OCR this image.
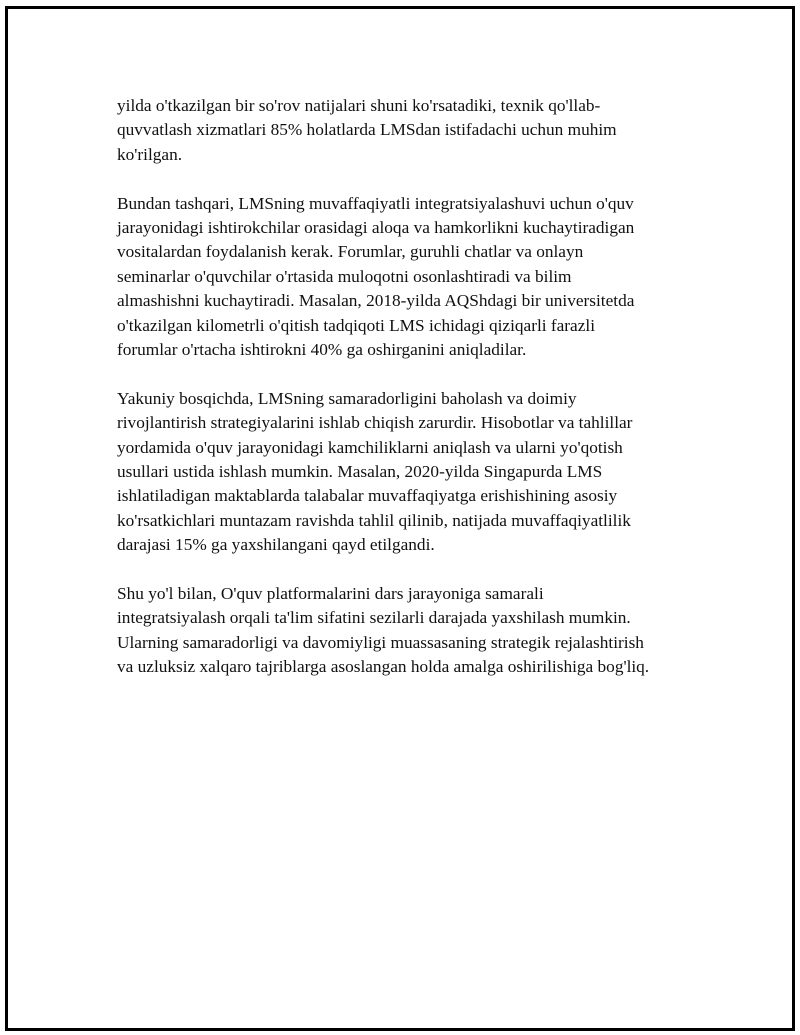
yilda o'tkazilgan bir so'rov natijalari shuni ko'rsatadiki, texnik qo'llab-
quvvatlash xizmatlari 85% holatlarda LMSdan istifadachi uchun muhim
ko'rilgan.

Bundan tashqari, LMSning muvaffaqiyatli integratsiyalashuvi uchun o'quv
jarayonidagi ishtirokchilar orasidagi aloqa va hamkorlikni kuchaytiradigan
vositalardan foydalanish kerak. Forumlar, guruhli chatlar va onlayn
seminarlar o'quvchilar o'rtasida muloqotni osonlashtiradi va bilim
almashishni kuchaytiradi. Masalan, 2018-yilda AQShdagi bir universitetda
o'tkazilgan kilometrli o'qitish tadqiqoti LMS ichidagi qiziqarli farazli
forumlar o'rtacha ishtirokni 40% ga oshirganini aniqladilar.

Yakuniy bosqichda, LMSning samaradorligini baholash va doimiy
rivojlantirish strategiyalarini ishlab chiqish zarurdir. Hisobotlar va tahlillar
yordamida o'quv jarayonidagi kamchiliklarni aniqlash va ularni yo'qotish
usullari ustida ishlash mumkin. Masalan, 2020-yilda Singapurda LMS
ishlatiladigan maktablarda talabalar muvaffaqiyatga erishishining asosiy
ko'rsatkichlari muntazam ravishda tahlil qilinib, natijada muvaffaqiyatlilik
darajasi 15% ga yaxshilangani qayd etilgandi.

Shu yo'l bilan, O'quv platformalarini dars jarayoniga samarali
integratsiyalash orqali ta'lim sifatini sezilarli darajada yaxshilash mumkin.
Ularning samaradorligi va davomiyligi muassasaning strategik rejalashtirish
va uzluksiz xalqaro tajriblarga asoslangan holda amalga oshirilishiga bog'liq.
